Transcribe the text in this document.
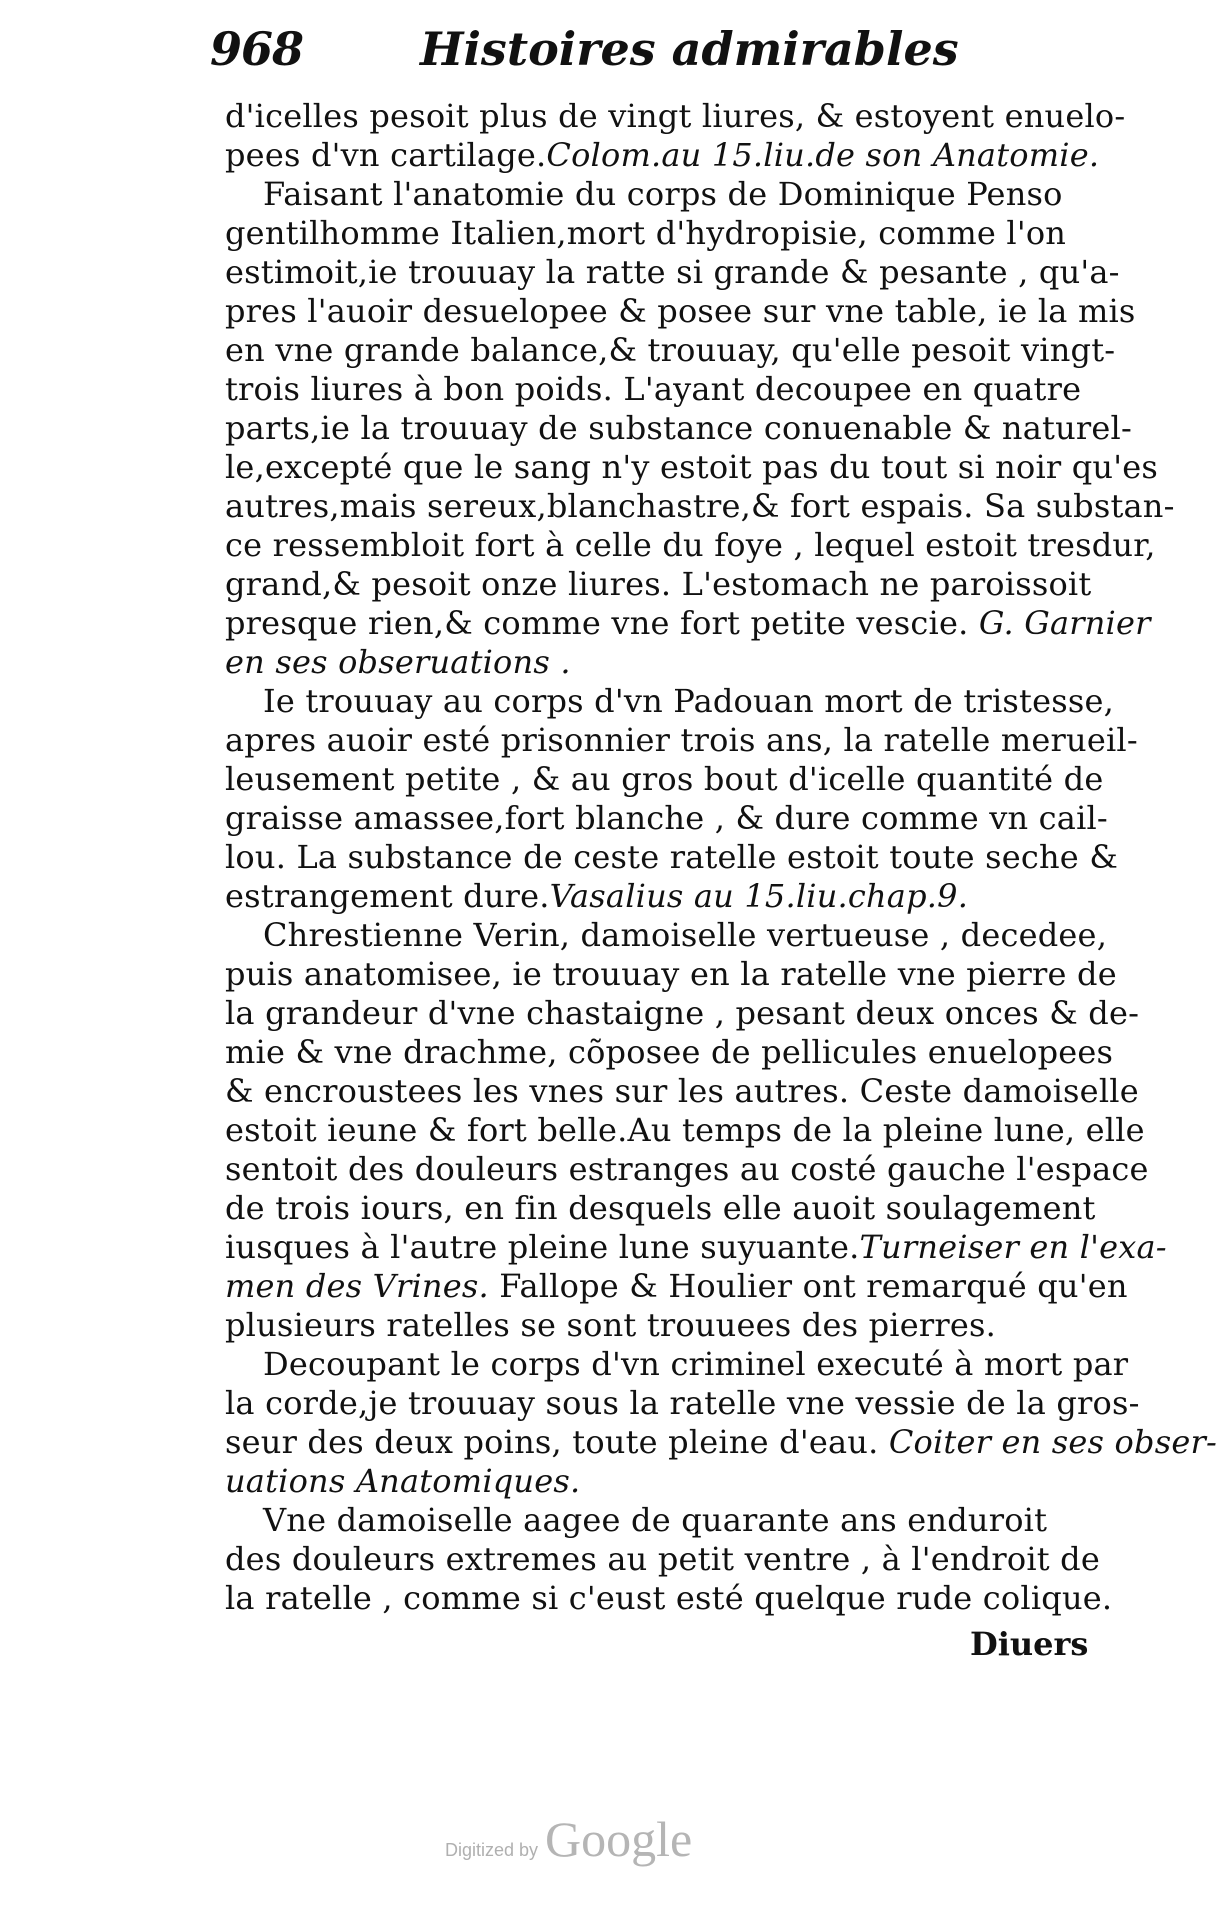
968	Histoires admirables
d'icelles pesoit plus de vingt liures, & estoyent enuelo-
pees d'vn cartilage.Colom.au 15.liu.de son Anatomie.
Faisant l'anatomie du corps de Dominique Penso
gentilhomme Italien,mort d'hydropisie, comme l'on
estimoit,ie trouuay la ratte si grande & pesante , qu'a-
pres l'auoir desuelopee & posee sur vne table, ie la mis
en vne grande balance,& trouuay, qu'elle pesoit vingt-
trois liures à bon poids. L'ayant decoupee en quatre
parts,ie la trouuay de substance conuenable & naturel-
le,excepté que le sang n'y estoit pas du tout si noir qu'es
autres,mais sereux,blanchastre,& fort espais. Sa substan-
ce ressembloit fort à celle du foye , lequel estoit tresdur,
grand,& pesoit onze liures. L'estomach ne paroissoit
presque rien,& comme vne fort petite vescie. G. Garnier
en ses obseruations .
Ie trouuay au corps d'vn Padouan mort de tristesse,
apres auoir esté prisonnier trois ans, la ratelle merueil-
leusement petite , & au gros bout d'icelle quantité de
graisse amassee,fort blanche , & dure comme vn cail-
lou. La substance de ceste ratelle estoit toute seche &
estrangement dure.Vasalius au 15.liu.chap.9.
Chrestienne Verin, damoiselle vertueuse , decedee,
puis anatomisee, ie trouuay en la ratelle vne pierre de
la grandeur d'vne chastaigne , pesant deux onces & de-
mie & vne drachme, cõposee de pellicules enuelopees
& encroustees les vnes sur les autres. Ceste damoiselle
estoit ieune & fort belle.Au temps de la pleine lune, elle
sentoit des douleurs estranges au costé gauche l'espace
de trois iours, en fin desquels elle auoit soulagement
iusques à l'autre pleine lune suyuante.Turneiser en l'exa-
men des Vrines. Fallope & Houlier ont remarqué qu'en
plusieurs ratelles se sont trouuees des pierres.
Decoupant le corps d'vn criminel executé à mort par
la corde,je trouuay sous la ratelle vne vessie de la gros-
seur des deux poins, toute pleine d'eau. Coiter en ses obser-
uations Anatomiques.
Vne damoiselle aagee de quarante ans enduroit
des douleurs extremes au petit ventre , à l'endroit de
la ratelle , comme si c'eust esté quelque rude colique.
Diuers
Digitized by Google
